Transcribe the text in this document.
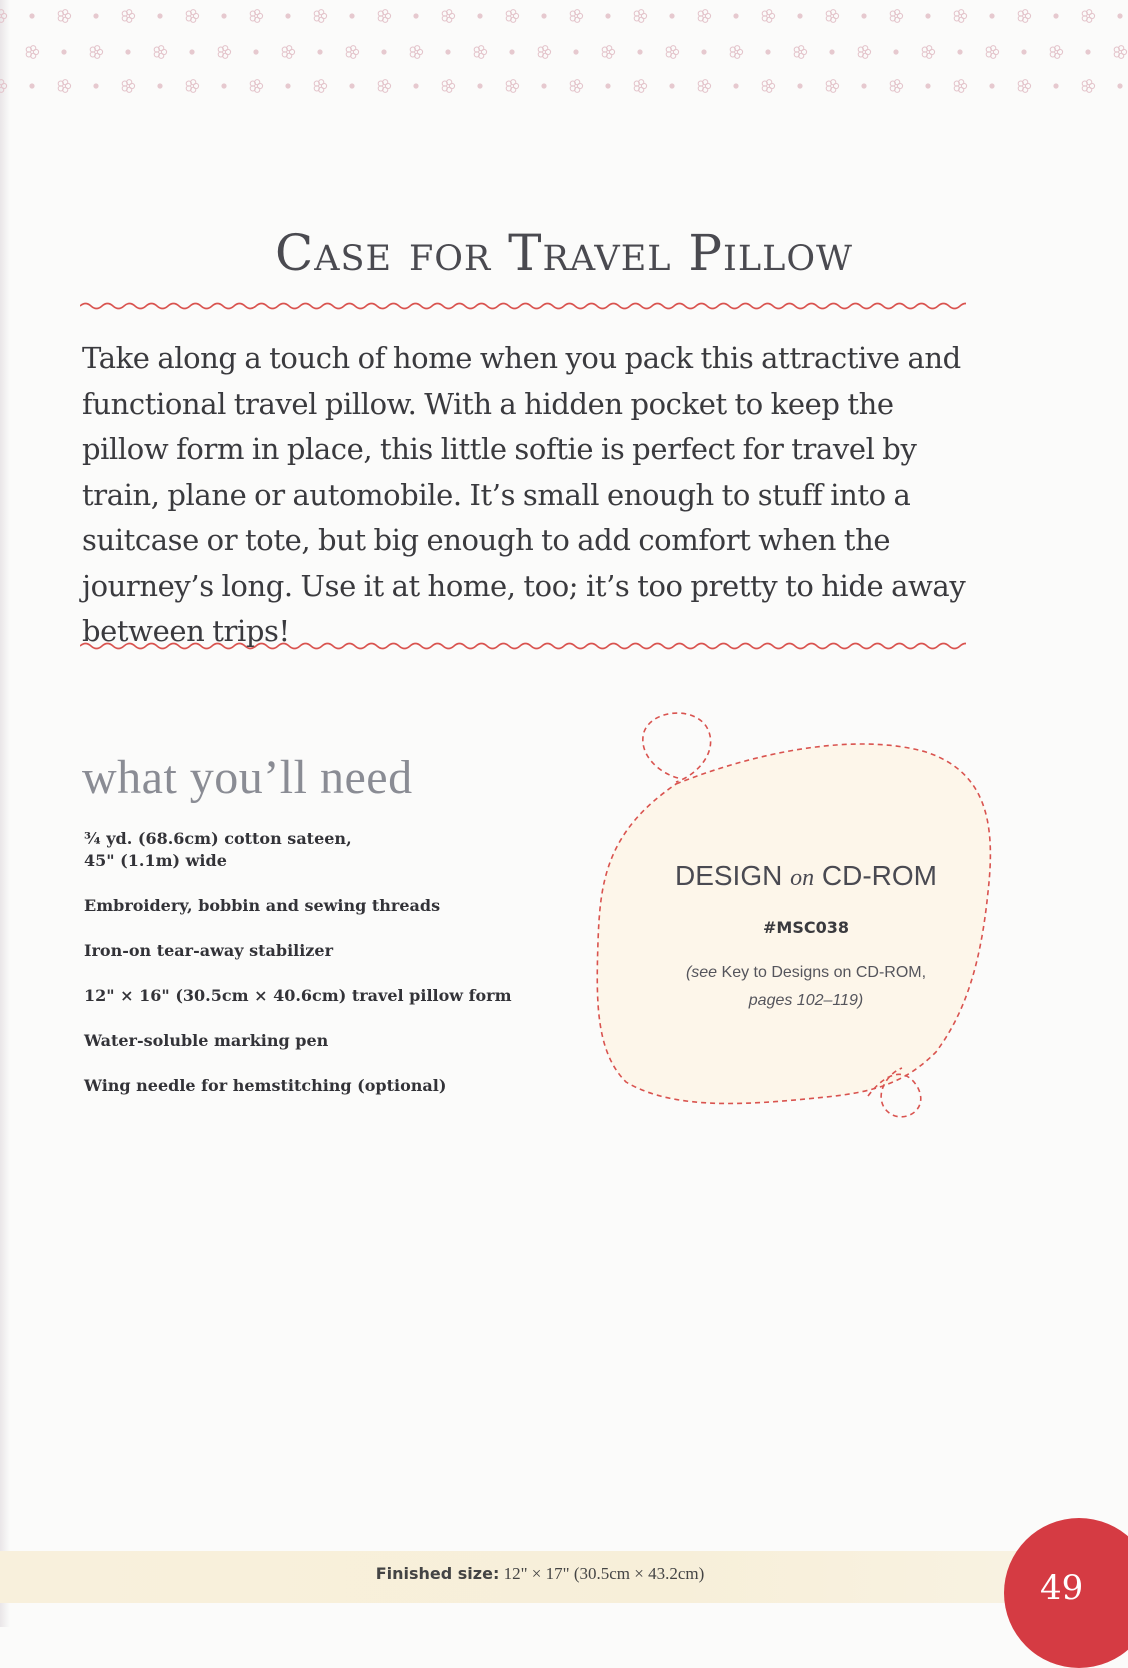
Case for Travel Pillow

Take along a touch of home when you pack this attractive and functional travel pillow. With a hidden pocket to keep the pillow form in place, this little softie is perfect for travel by train, plane or automobile. It’s small enough to stuff into a suitcase or tote, but big enough to add comfort when the journey’s long. Use it at home, too; it’s too pretty to hide away between trips!

what you’ll need
¾ yd. (68.6cm) cotton sateen,
45" (1.1m) wide
Embroidery, bobbin and sewing threads
Iron-on tear-away stabilizer
12" × 16" (30.5cm × 40.6cm) travel pillow form
Water-soluble marking pen
Wing needle for hemstitching (optional)

DESIGN on CD-ROM

#MSC038
(see Key to Designs on CD-ROM,
pages 102–119)
Finished size: 12" × 17" (30.5cm × 43.2cm)	49
